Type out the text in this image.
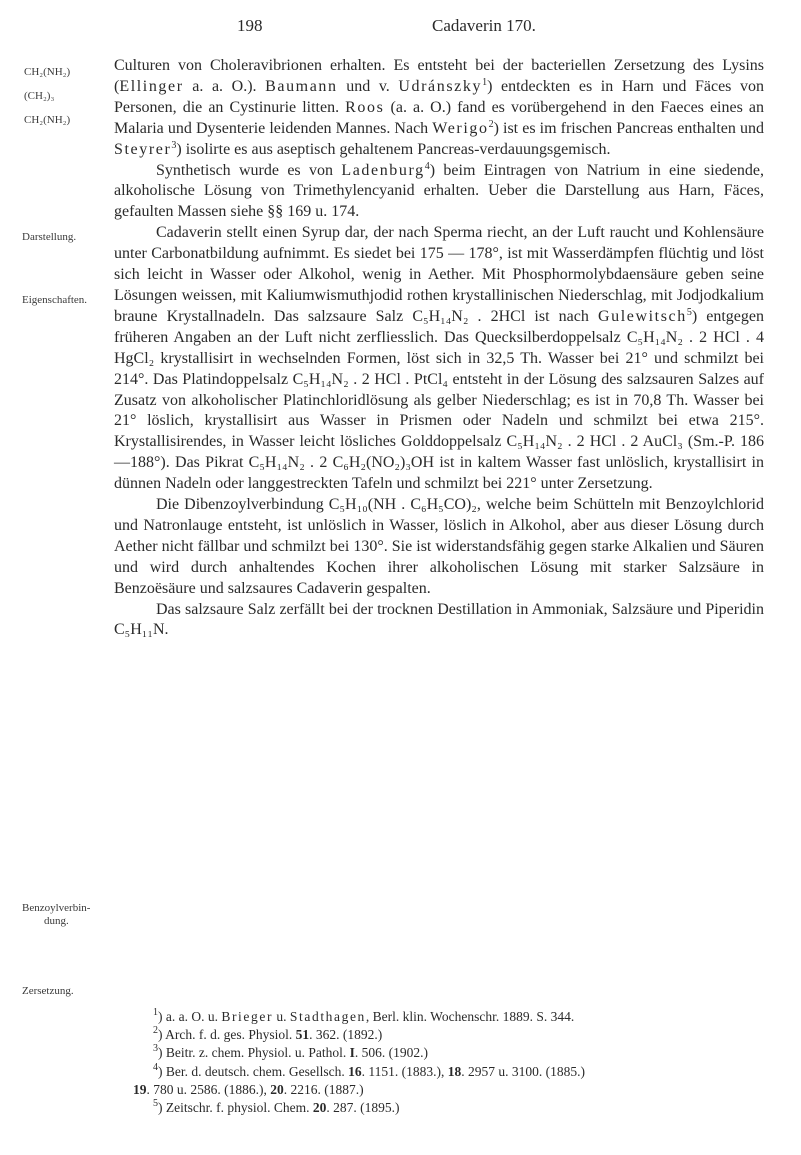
198	Cadaverin 170.
CH₂(NH₂)
(CH₂)₃
CH₂(NH₂)
Darstellung.
Eigenschaften.
Benzoylverbin-
dung.
Zersetzung.

Culturen von Choleravibrionen erhalten. Es entsteht bei der bacteriellen Zersetzung des Lysins (Ellinger a. a. O.). Baumann und v. Udránszky$^1$) entdeckten es in Harn und Fäces von Personen, die an Cystinurie litten. Roos (a. a. O.) fand es vorübergehend in den Faeces eines an Malaria und Dysenterie leidenden Mannes. Nach Werigo$^2$) ist es im frischen Pancreas enthalten und Steyrer$^3$) isolirte es aus aseptisch gehaltenem Pancreas-verdauungsgemisch.

Synthetisch wurde es von Ladenburg$^4$) beim Eintragen von Natrium in eine siedende, alkoholische Lösung von Trimethylencyanid erhalten. Ueber die Darstellung aus Harn, Fäces, gefaulten Massen siehe §§ 169 u. 174.

Cadaverin stellt einen Syrup dar, der nach Sperma riecht, an der Luft raucht und Kohlensäure unter Carbonatbildung aufnimmt. Es siedet bei 175 — 178°, ist mit Wasserdämpfen flüchtig und löst sich leicht in Wasser oder Alkohol, wenig in Aether. Mit Phosphormolybdaensäure geben seine Lösungen weissen, mit Kaliumwismuthjodid rothen krystallinischen Niederschlag, mit Jodjodkalium braune Krystallnadeln. Das salzsaure Salz C₅H₁₄N₂ . 2HCl ist nach Gulewitsch$^5$) entgegen früheren Angaben an der Luft nicht zerfliesslich. Das Quecksilberdoppelsalz C₅H₁₄N₂ . 2 HCl . 4 HgCl₂ krystallisirt in wechselnden Formen, löst sich in 32,5 Th. Wasser bei 21° und schmilzt bei 214°. Das Platindoppelsalz C₅H₁₄N₂ . 2 HCl . PtCl₄ entsteht in der Lösung des salzsauren Salzes auf Zusatz von alkoholischer Platinchloridlösung als gelber Niederschlag; es ist in 70,8 Th. Wasser bei 21° löslich, krystallisirt aus Wasser in Prismen oder Nadeln und schmilzt bei etwa 215°. Krystallisirendes, in Wasser leicht lösliches Golddoppelsalz C₅H₁₄N₂ . 2 HCl . 2 AuCl₃ (Sm.-P. 186—188°). Das Pikrat C₅H₁₄N₂ . 2 C₆H₂(NO₂)₃OH ist in kaltem Wasser fast unlöslich, krystallisirt in dünnen Nadeln oder langgestreckten Tafeln und schmilzt bei 221° unter Zersetzung.

Die Dibenzoylverbindung C₅H₁₀(NH . C₆H₅CO)₂, welche beim Schütteln mit Benzoylchlorid und Natronlauge entsteht, ist unlöslich in Wasser, löslich in Alkohol, aber aus dieser Lösung durch Aether nicht fällbar und schmilzt bei 130°. Sie ist widerstandsfähig gegen starke Alkalien und Säuren und wird durch anhaltendes Kochen ihrer alkoholischen Lösung mit starker Salzsäure in Benzoësäure und salzsaures Cadaverin gespalten.

Das salzsaure Salz zerfällt bei der trocknen Destillation in Ammoniak, Salzsäure und Piperidin C₅H₁₁N.

$^1$) a. a. O. u. Brieger u. Stadthagen, Berl. klin. Wochenschr. 1889. S. 344.
$^2$) Arch. f. d. ges. Physiol. 51. 362. (1892.)
$^3$) Beitr. z. chem. Physiol. u. Pathol. I. 506. (1902.)
$^4$) Ber. d. deutsch. chem. Gesellsch. 16. 1151. (1883.), 18. 2957 u. 3100. (1885.)
19. 780 u. 2586. (1886.), 20. 2216. (1887.)
$^5$) Zeitschr. f. physiol. Chem. 20. 287. (1895.)
